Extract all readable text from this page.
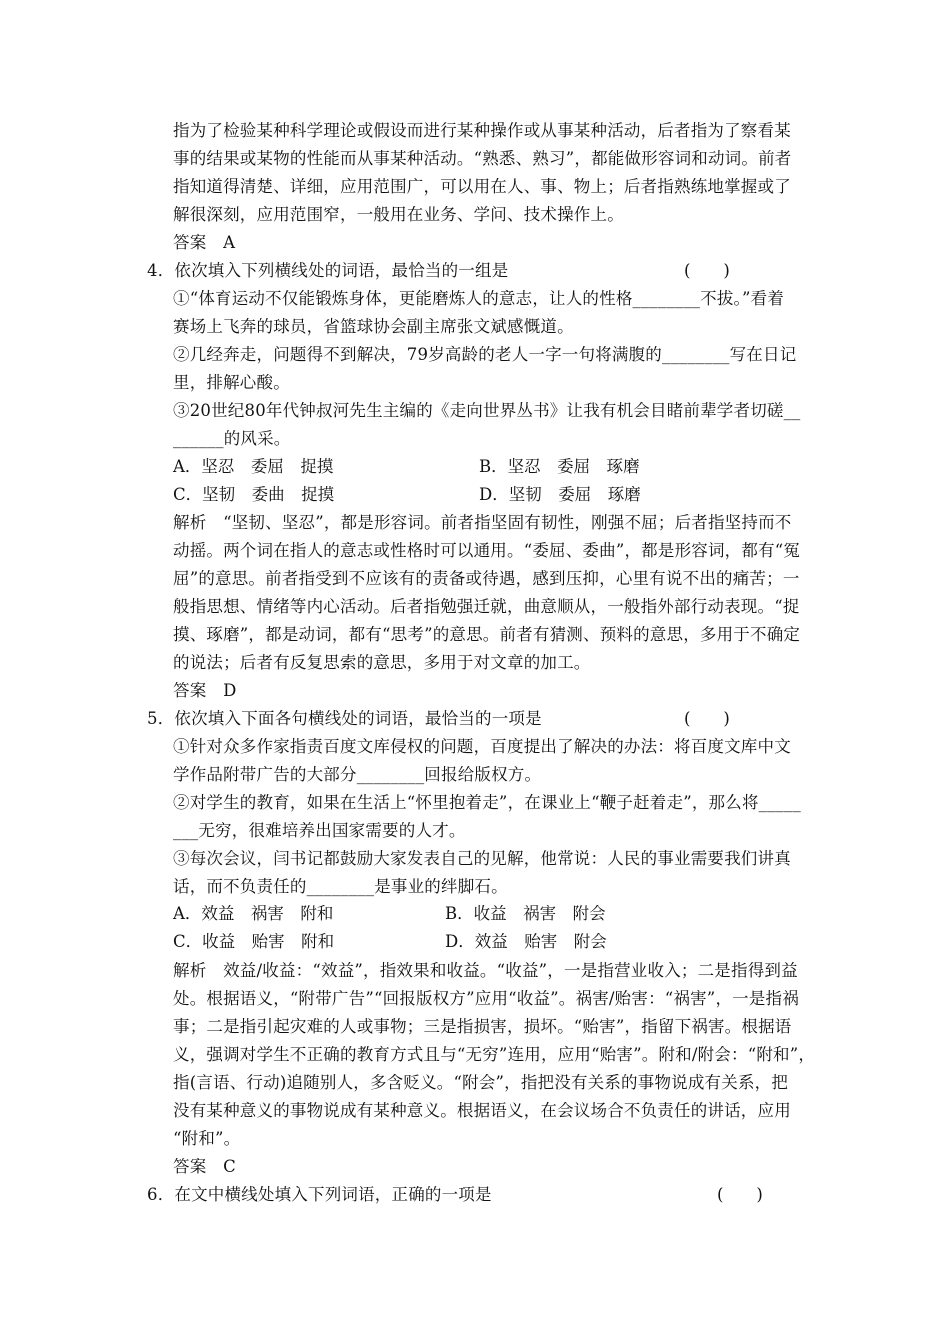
指为了检验某种科学理论或假设而进行某种操作或从事某种活动，后者指为了察看某
事的结果或某物的性能而从事某种活动。“熟悉、熟习”，都能做形容词和动词。前者
指知道得清楚、详细，应用范围广，可以用在人、事、物上；后者指熟练地掌握或了
解很深刻，应用范围窄，一般用在业务、学问、技术操作上。
答案　A
4．依次填入下列横线处的词语，最恰当的一组是	(　　)
①“体育运动不仅能锻炼身体，更能磨炼人的意志，让人的性格________不拔。”看着
赛场上飞奔的球员，省篮球协会副主席张文斌感慨道。
②几经奔走，问题得不到解决，79岁高龄的老人一字一句将满腹的________写在日记
里，排解心酸。
③20世纪80年代钟叔河先生主编的《走向世界丛书》让我有机会目睹前辈学者切磋__
______的风采。
A．坚忍　委屈　捉摸	B．坚忍　委屈　琢磨
C．坚韧　委曲　捉摸	D．坚韧　委屈　琢磨
解析　“坚韧、坚忍”，都是形容词。前者指坚固有韧性，刚强不屈；后者指坚持而不
动摇。两个词在指人的意志或性格时可以通用。“委屈、委曲”，都是形容词，都有“冤
屈”的意思。前者指受到不应该有的责备或待遇，感到压抑，心里有说不出的痛苦；一
般指思想、情绪等内心活动。后者指勉强迁就，曲意顺从，一般指外部行动表现。“捉
摸、琢磨”，都是动词，都有“思考”的意思。前者有猜测、预料的意思，多用于不确定
的说法；后者有反复思索的意思，多用于对文章的加工。
答案　D
5．依次填入下面各句横线处的词语，最恰当的一项是	(　　)
①针对众多作家指责百度文库侵权的问题，百度提出了解决的办法：将百度文库中文
学作品附带广告的大部分________回报给版权方。
②对学生的教育，如果在生活上“怀里抱着走”，在课业上“鞭子赶着走”，那么将_____
___无穷，很难培养出国家需要的人才。
③每次会议，闫书记都鼓励大家发表自己的见解，他常说：人民的事业需要我们讲真
话，而不负责任的________是事业的绊脚石。
A．效益　祸害　附和	B．收益　祸害　附会
C．收益　贻害　附和	D．效益　贻害　附会
解析　效益/收益：“效益”，指效果和收益。“收益”，一是指营业收入；二是指得到益
处。根据语义，“附带广告”“回报版权方”应用“收益”。祸害/贻害：“祸害”，一是指祸
事；二是指引起灾难的人或事物；三是指损害，损坏。“贻害”，指留下祸害。根据语
义，强调对学生不正确的教育方式且与“无穷”连用，应用“贻害”。附和/附会：“附和”，
指(言语、行动)追随别人，多含贬义。“附会”，指把没有关系的事物说成有关系，把
没有某种意义的事物说成有某种意义。根据语义，在会议场合不负责任的讲话，应用
“附和”。
答案　C
6．在文中横线处填入下列词语，正确的一项是	(　　)
